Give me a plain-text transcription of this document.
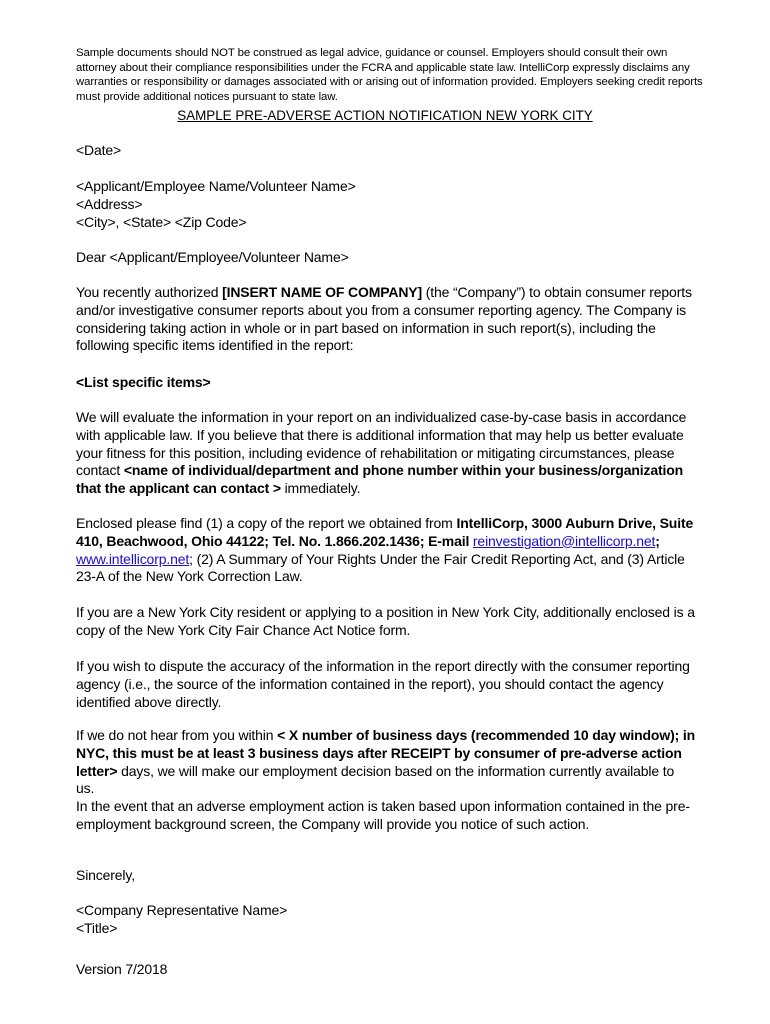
Sample documents should NOT be construed as legal advice, guidance or counsel. Employers should consult their own attorney about their compliance responsibilities under the FCRA and applicable state law. IntelliCorp expressly disclaims any warranties or responsibility or damages associated with or arising out of information provided. Employers seeking credit reports must provide additional notices pursuant to state law.
SAMPLE PRE-ADVERSE ACTION NOTIFICATION NEW YORK CITY
<Date>
<Applicant/Employee Name/Volunteer Name>
<Address>
<City>, <State> <Zip Code>
Dear <Applicant/Employee/Volunteer Name>
You recently authorized [INSERT NAME OF COMPANY] (the “Company”) to obtain consumer reports and/or investigative consumer reports about you from a consumer reporting agency. The Company is considering taking action in whole or in part based on information in such report(s), including the following specific items identified in the report:
<List specific items>
We will evaluate the information in your report on an individualized case-by-case basis in accordance with applicable law. If you believe that there is additional information that may help us better evaluate your fitness for this position, including evidence of rehabilitation or mitigating circumstances, please contact <name of individual/department and phone number within your business/organization that the applicant can contact > immediately.
Enclosed please find (1) a copy of the report we obtained from IntelliCorp, 3000 Auburn Drive, Suite 410, Beachwood, Ohio 44122; Tel. No. 1.866.202.1436; E-mail reinvestigation@intellicorp.net; www.intellicorp.net; (2) A Summary of Your Rights Under the Fair Credit Reporting Act, and (3) Article 23-A of the New York Correction Law.
If you are a New York City resident or applying to a position in New York City, additionally enclosed is a copy of the New York City Fair Chance Act Notice form.
If you wish to dispute the accuracy of the information in the report directly with the consumer reporting agency (i.e., the source of the information contained in the report), you should contact the agency identified above directly.
If we do not hear from you within < X number of business days (recommended 10 day window); in NYC, this must be at least 3 business days after RECEIPT by consumer of pre-adverse action letter> days, we will make our employment decision based on the information currently available to us.
In the event that an adverse employment action is taken based upon information contained in the pre-employment background screen, the Company will provide you notice of such action.
Sincerely,
<Company Representative Name>
<Title>
Version 7/2018
